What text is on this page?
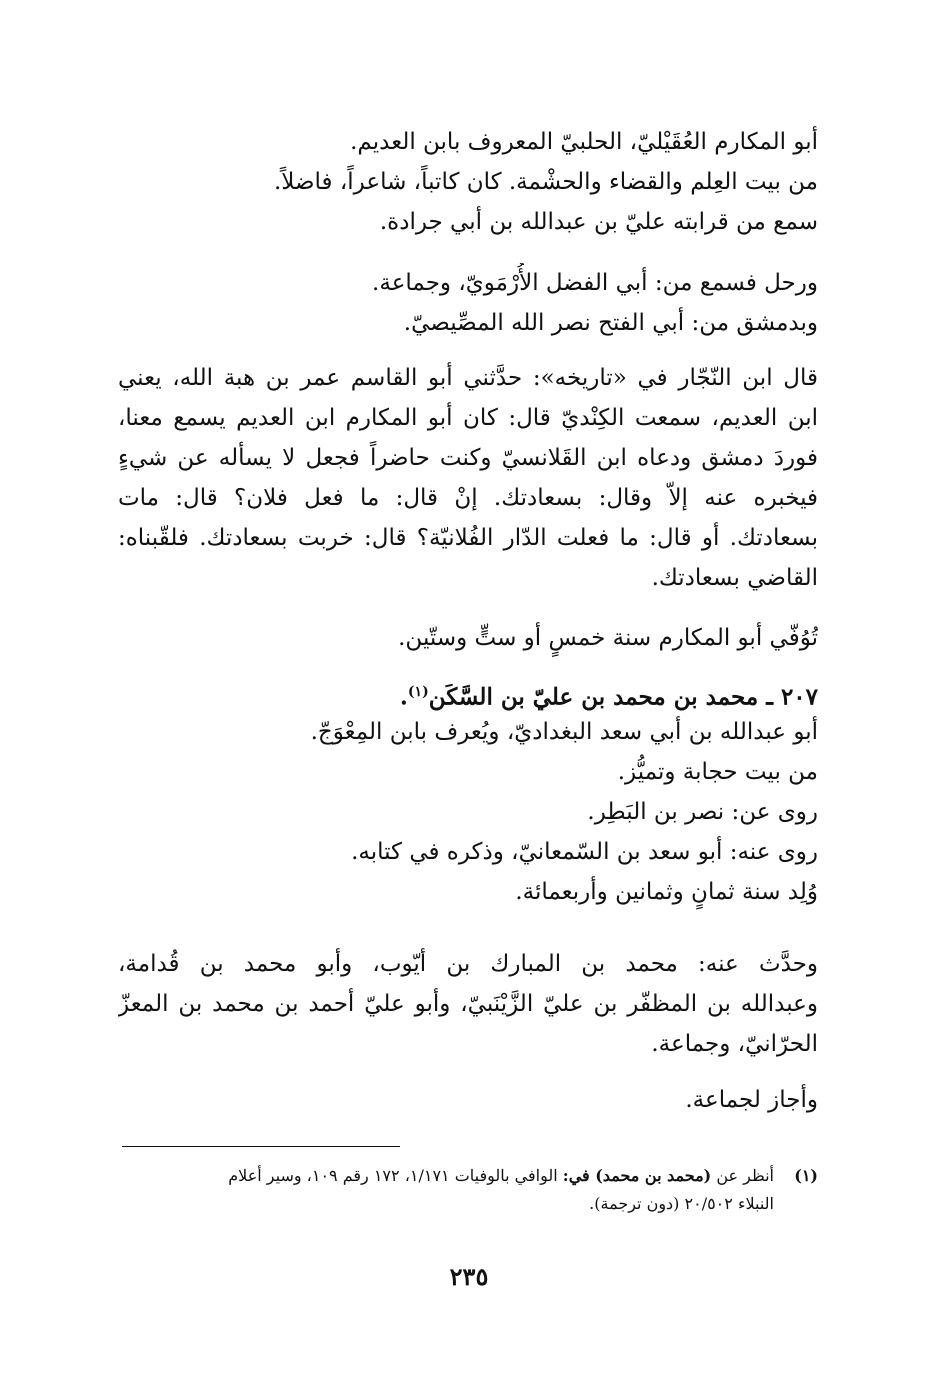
أبو المكارم العُقَيْليّ، الحلبيّ المعروف بابن العديم.
من بيت العِلم والقضاء والحشْمة. كان كاتباً، شاعراً، فاضلاً.
سمع من قرابته عليّ بن عبدالله بن أبي جرادة.
ورحل فسمع من: أبي الفضل الأُرْمَويّ، وجماعة.
وبدمشق من: أبي الفتح نصر الله المصِّيصيّ.
قال ابن النّجّار في «تاريخه»: حدَّثني أبو القاسم عمر بن هبة الله، يعني
ابن العديم، سمعت الكِنْديّ قال: كان أبو المكارم ابن العديم يسمع معنا،
فوردَ دمشق ودعاه ابن القَلانسيّ وكنت حاضراً فجعل لا يسأله عن شيءٍ
فيخبره عنه إلاّ وقال: بسعادتك. إنْ قال: ما فعل فلان؟ قال: مات
بسعادتك. أو قال: ما فعلت الدّار الفُلانيّة؟ قال: خربت بسعادتك. فلقّبناه:
القاضي بسعادتك.
تُوُفّي أبو المكارم سنة خمسٍ أو ستٍّ وستّين.
٢٠٧ ـ محمد بن محمد بن عليّ بن السَّكَن$^{(١)}$.
أبو عبدالله بن أبي سعد البغداديّ، ويُعرف بابن المِعْوَجّ.
من بيت حجابة وتميُّز.
روى عن: نصر بن البَطِر.
روى عنه: أبو سعد بن السّمعانيّ، وذكره في كتابه.
وُلِد سنة ثمانٍ وثمانين وأربعمائة.
وحدَّث عنه: محمد بن المبارك بن أيّوب، وأبو محمد بن قُدامة،
وعبدالله بن المظفّر بن عليّ الزَّيْنَبيّ، وأبو عليّ أحمد بن محمد بن المعزّ
الحرّانيّ، وجماعة.
وأجاز لجماعة.
(١)
أنظر عن (محمد بن محمد) في: الوافي بالوفيات ١/١٧١، ١٧٢ رقم ١٠٩، وسير أعلام
النبلاء ٢٠/٥٠٢ (دون ترجمة).
٢٣٥
